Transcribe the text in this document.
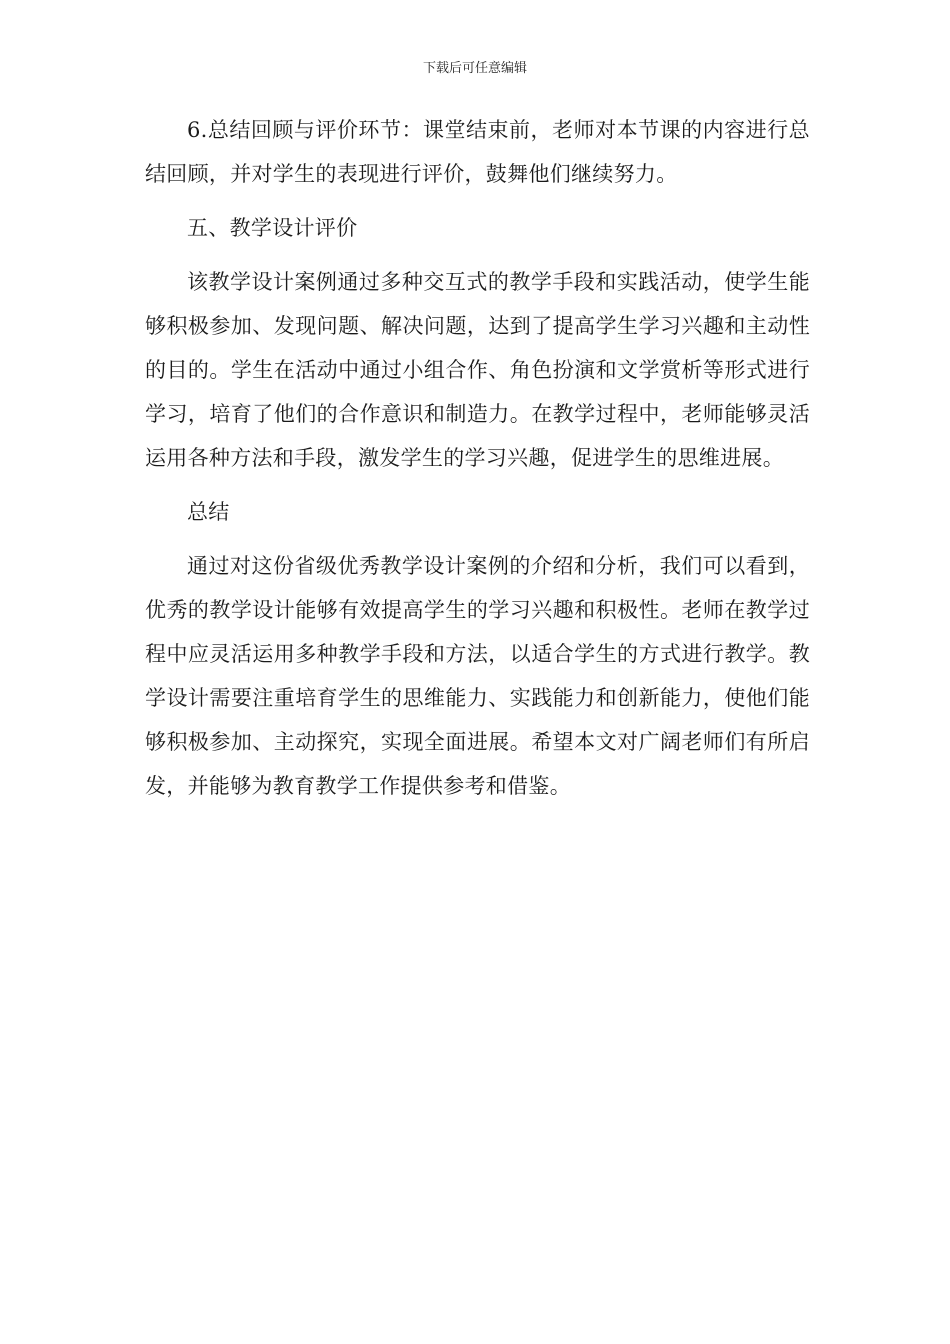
下载后可任意编辑

6.总结回顾与评价环节：课堂结束前，老师对本节课的内容进行总结回顾，并对学生的表现进行评价，鼓舞他们继续努力。

五、教学设计评价

该教学设计案例通过多种交互式的教学手段和实践活动，使学生能够积极参加、发现问题、解决问题，达到了提高学生学习兴趣和主动性的目的。学生在活动中通过小组合作、角色扮演和文学赏析等形式进行学习，培育了他们的合作意识和制造力。在教学过程中，老师能够灵活运用各种方法和手段，激发学生的学习兴趣，促进学生的思维进展。

总结

通过对这份省级优秀教学设计案例的介绍和分析，我们可以看到，优秀的教学设计能够有效提高学生的学习兴趣和积极性。老师在教学过程中应灵活运用多种教学手段和方法，以适合学生的方式进行教学。教学设计需要注重培育学生的思维能力、实践能力和创新能力，使他们能够积极参加、主动探究，实现全面进展。希望本文对广阔老师们有所启发，并能够为教育教学工作提供参考和借鉴。
